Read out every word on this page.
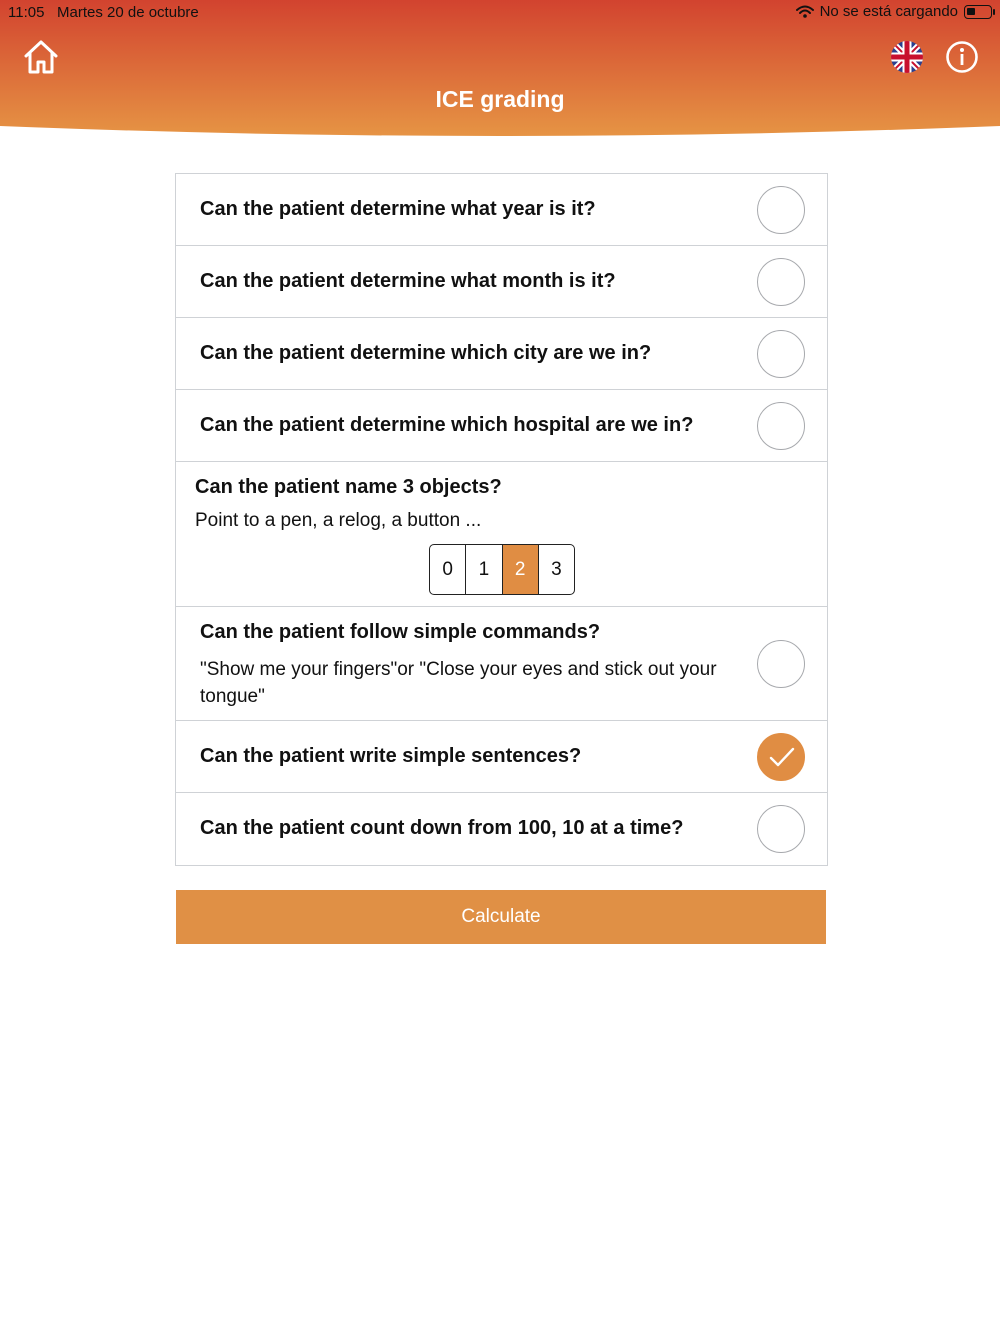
11:05 Martes 20 de octubre	No se está cargando
ICE grading
Can the patient determine what year is it?
Can the patient determine what month is it?
Can the patient determine which city are we in?
Can the patient determine which hospital are we in?
Can the patient name 3 objects?
Point to a pen, a relog, a button ...
0	1	2	3
Can the patient follow simple commands?
"Show me your fingers"or "Close your eyes and stick out your tongue"
Can the patient write simple sentences?
Can the patient count down from 100, 10 at a time?
Calculate
